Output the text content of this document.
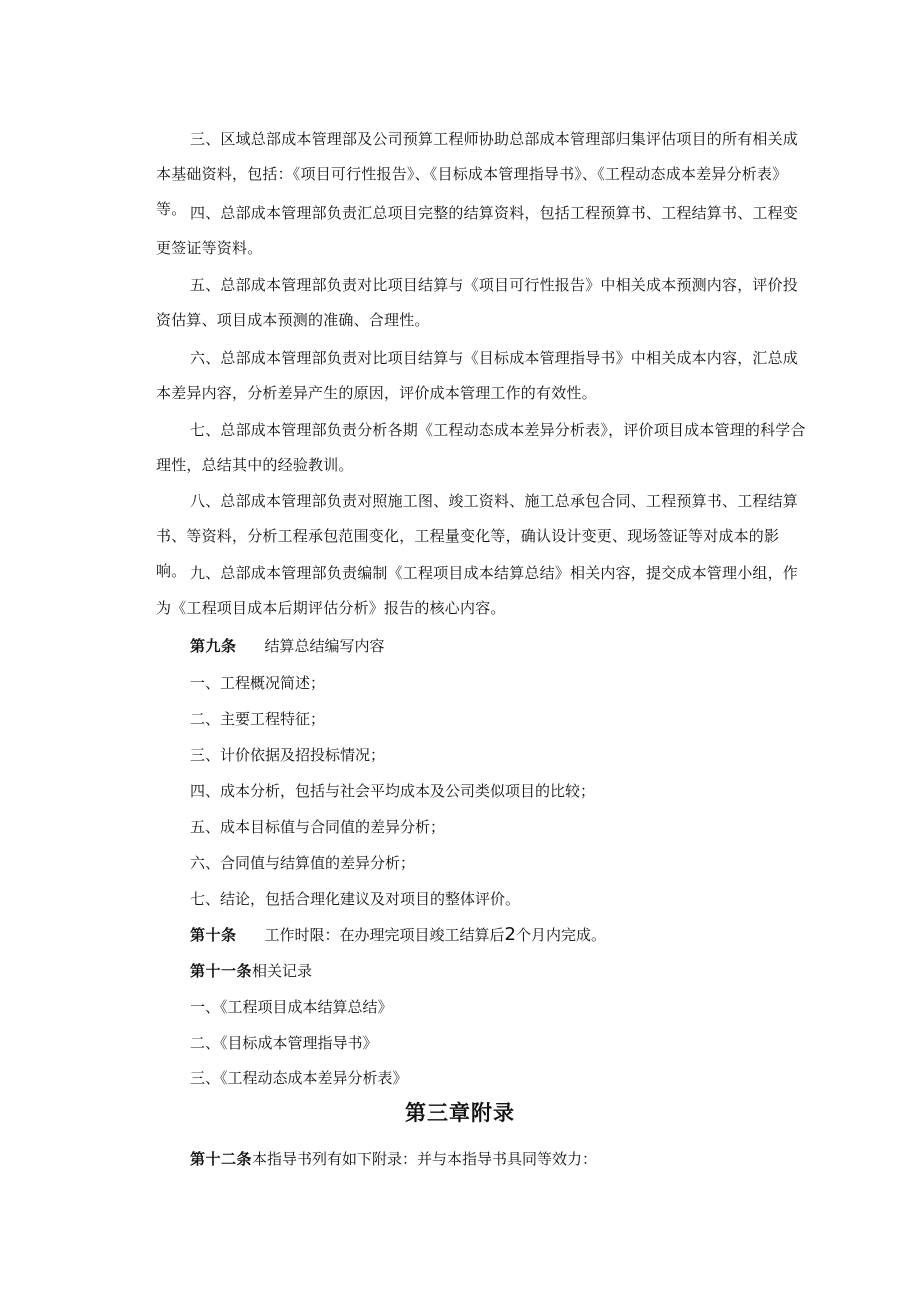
三、区域总部成本管理部及公司预算工程师协助总部成本管理部归集评估项目的所有相关成本基础资料，包括：《项目可行性报告》、《目标成本管理指导书》、《工程动态成本差异分析表》等。 四、总部成本管理部负责汇总项目完整的结算资料，包括工程预算书、工程结算书、工程变更签证等资料。

五、总部成本管理部负责对比项目结算与《项目可行性报告》中相关成本预测内容，评价投资估算、项目成本预测的准确、合理性。

六、总部成本管理部负责对比项目结算与《目标成本管理指导书》中相关成本内容，汇总成本差异内容，分析差异产生的原因，评价成本管理工作的有效性。

七、总部成本管理部负责分析各期《工程动态成本差异分析表》，评价项目成本管理的科学合理性，总结其中的经验教训。

八、总部成本管理部负责对照施工图、竣工资料、施工总承包合同、工程预算书、工程结算书、等资料，分析工程承包范围变化，工程量变化等，确认设计变更、现场签证等对成本的影响。 九、总部成本管理部负责编制《工程项目成本结算总结》相关内容，提交成本管理小组，作为《工程项目成本后期评估分析》报告的核心内容。

第九条 结算总结编写内容
一、工程概况简述；
二、主要工程特征；
三、计价依据及招投标情况；
四、成本分析，包括与社会平均成本及公司类似项目的比较；
五、成本目标值与合同值的差异分析；
六、合同值与结算值的差异分析；
七、结论，包括合理化建议及对项目的整体评价。
第十条 工作时限：在办理完项目竣工结算后2个月内完成。
第十一条相关记录
一、《工程项目成本结算总结》
二、《目标成本管理指导书》
三、《工程动态成本差异分析表》
第三章附录
第十二条本指导书列有如下附录：并与本指导书具同等效力：
